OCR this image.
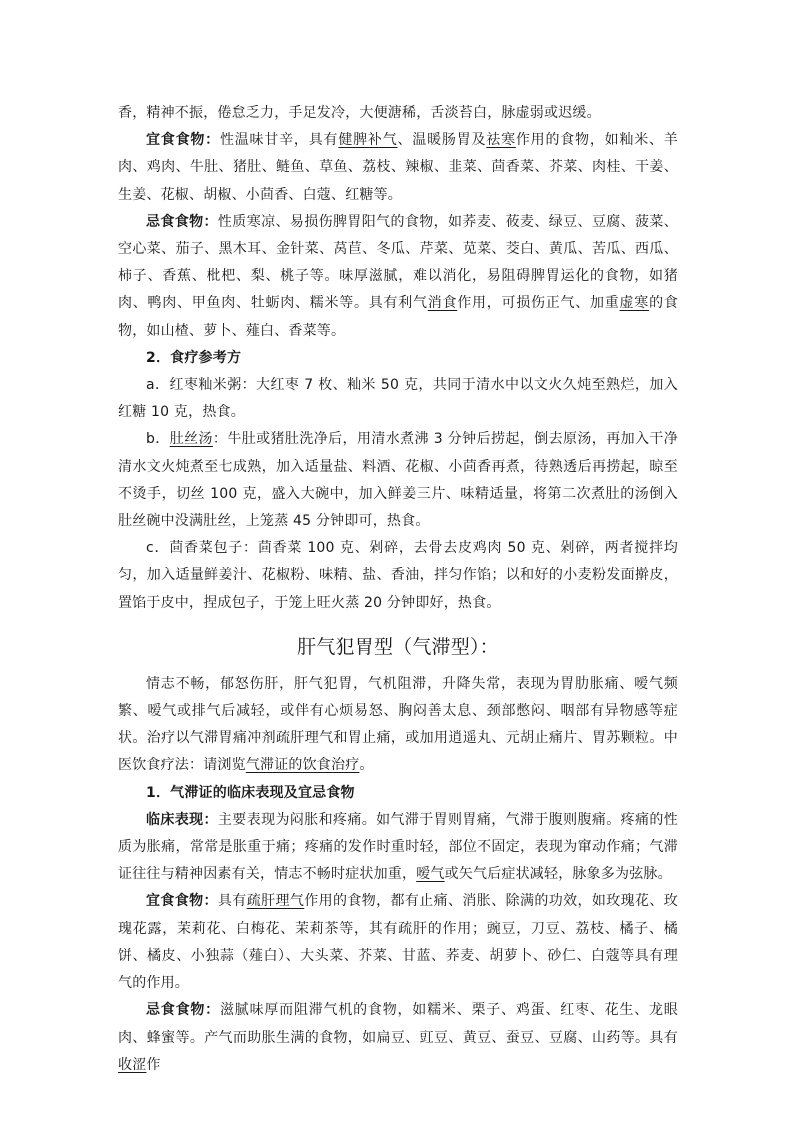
香，精神不振，倦怠乏力，手足发冷，大便溏稀，舌淡苔白，脉虚弱或迟缓。

宜食食物：性温味甘辛，具有健脾补气、温暖肠胃及祛寒作用的食物，如籼米、羊肉、鸡肉、牛肚、猪肚、鲢鱼、草鱼、荔枝、辣椒、韭菜、茴香菜、芥菜、肉桂、干姜、生姜、花椒、胡椒、小茴香、白蔻、红糖等。

忌食食物：性质寒凉、易损伤脾胃阳气的食物，如荞麦、莜麦、绿豆、豆腐、菠菜、空心菜、茄子、黑木耳、金针菜、莴苣、冬瓜、芹菜、苋菜、茭白、黄瓜、苦瓜、西瓜、柿子、香蕉、枇杷、梨、桃子等。味厚滋腻，难以消化，易阻碍脾胃运化的食物，如猪肉、鸭肉、甲鱼肉、牡蛎肉、糯米等。具有利气消食作用，可损伤正气、加重虚寒的食物，如山楂、萝卜、薤白、香菜等。

2．食疗参考方

a．红枣籼米粥：大红枣 7 枚、籼米 50 克，共同于清水中以文火久炖至熟烂，加入红糖 10 克，热食。

b．肚丝汤：牛肚或猪肚洗净后，用清水煮沸 3 分钟后捞起，倒去原汤，再加入干净清水文火炖煮至七成熟，加入适量盐、料酒、花椒、小茴香再煮，待熟透后再捞起，晾至不烫手，切丝 100 克，盛入大碗中，加入鲜姜三片、味精适量，将第二次煮肚的汤倒入肚丝碗中没满肚丝，上笼蒸 45 分钟即可，热食。

c．茴香菜包子：茴香菜 100 克、剁碎，去骨去皮鸡肉 50 克、剁碎，两者搅拌均匀，加入适量鲜姜汁、花椒粉、味精、盐、香油，拌匀作馅；以和好的小麦粉发面擀皮，置馅于皮中，捏成包子，于笼上旺火蒸 20 分钟即好，热食。

肝气犯胃型（气滞型）：

情志不畅，郁怒伤肝，肝气犯胃，气机阻滞，升降失常，表现为胃肋胀痛、嗳气频繁、嗳气或排气后减轻，或伴有心烦易怒、胸闷善太息、颈部憋闷、咽部有异物感等症状。治疗以气滞胃痛冲剂疏肝理气和胃止痛，或加用逍遥丸、元胡止痛片、胃苏颗粒。中医饮食疗法：请浏览气滞证的饮食治疗。

1．气滞证的临床表现及宜忌食物

临床表现：主要表现为闷胀和疼痛。如气滞于胃则胃痛，气滞于腹则腹痛。疼痛的性质为胀痛，常常是胀重于痛；疼痛的发作时重时轻，部位不固定，表现为窜动作痛；气滞证往往与精神因素有关，情志不畅时症状加重，嗳气或矢气后症状减轻，脉象多为弦脉。

宜食食物：具有疏肝理气作用的食物，都有止痛、消胀、除满的功效，如玫瑰花、玫瑰花露，茉莉花、白梅花、茉莉茶等，其有疏肝的作用；豌豆，刀豆、荔枝、橘子、橘饼、橘皮、小独蒜（薤白）、大头菜、芥菜、甘蓝、荞麦、胡萝卜、砂仁、白蔻等具有理气的作用。

忌食食物：滋腻味厚而阻滞气机的食物，如糯米、栗子、鸡蛋、红枣、花生、龙眼肉、蜂蜜等。产气而助胀生满的食物，如扁豆、豇豆、黄豆、蚕豆、豆腐、山药等。具有收涩作
